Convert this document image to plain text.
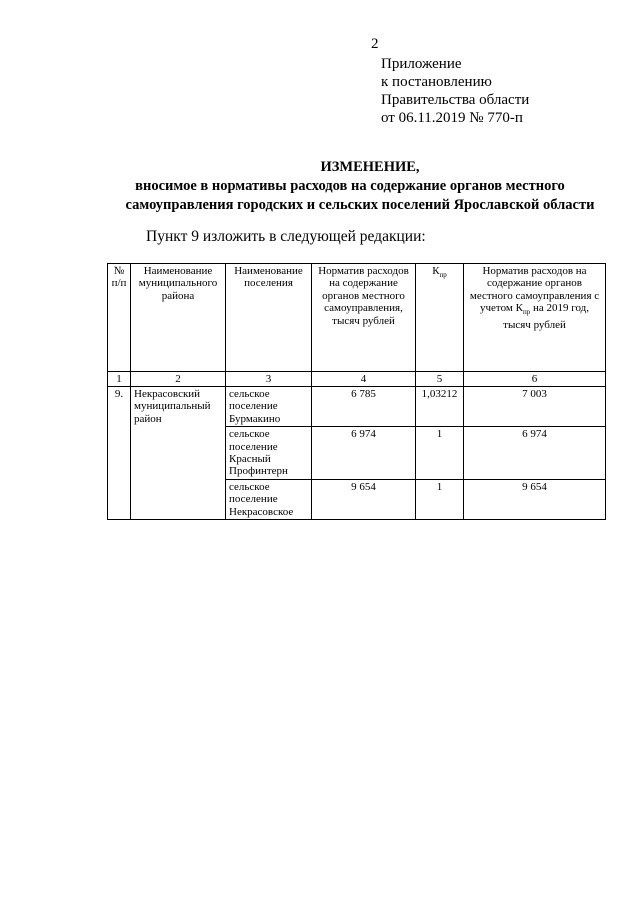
2
Приложение
к постановлению
Правительства области
от 06.11.2019 № 770-п
ИЗМЕНЕНИЕ,
вносимое в нормативы расходов на содержание органов местного
самоуправления городских и сельских поселений Ярославской области
Пункт 9 изложить в следующей редакции:
№ п/п	Наименование муниципального района	Наименование поселения	Норматив расходов на содержание органов местного самоуправления, тысяч рублей	$К_{пр}$	Норматив расходов на содержание органов местного самоуправления с учетом $К_{пр}$ на 2019 год, тысяч рублей
1	2	3	4	5	6
9.	Некрасовский муниципальный район	сельское поселение Бурмакино	6 785	1,03212	7 003
		сельское поселение Красный Профинтерн	6 974	1	6 974
		сельское поселение Некрасовское	9 654	1	9 654
